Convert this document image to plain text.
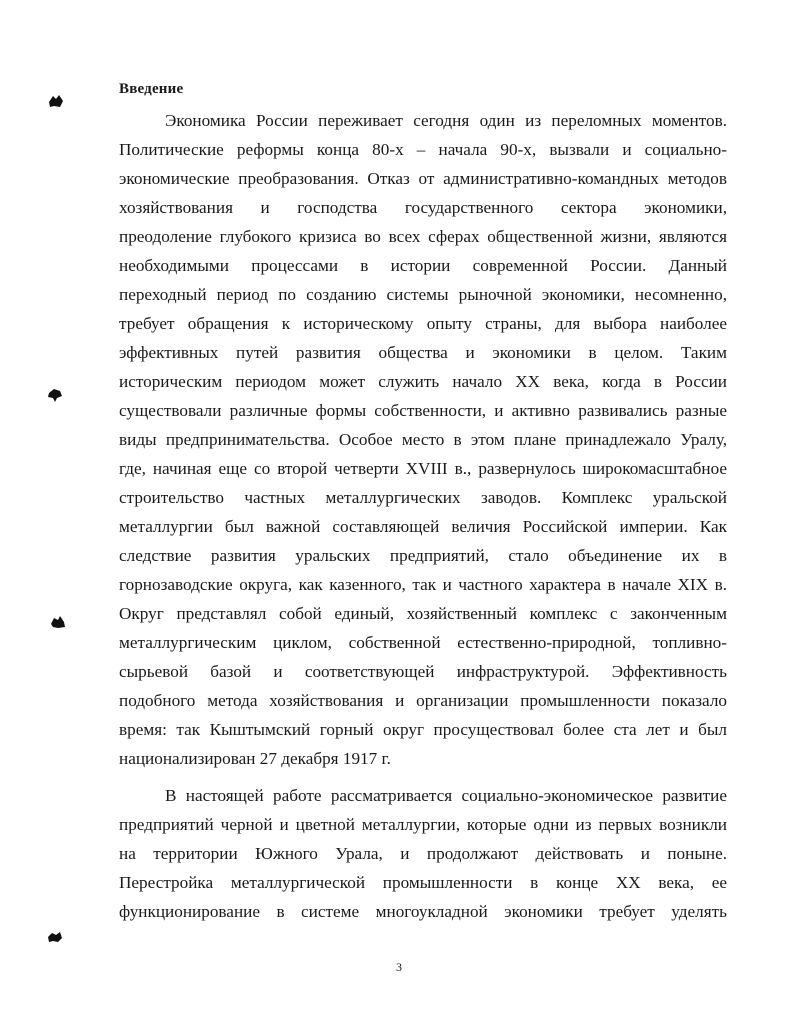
Введение
Экономика России переживает сегодня один из переломных моментов.
Политические реформы конца 80-х – начала 90-х, вызвали и социально-
экономические преобразования. Отказ от административно-командных методов
хозяйствования и господства государственного сектора экономики,
преодоление глубокого кризиса во всех сферах общественной жизни, являются
необходимыми процессами в истории современной России. Данный
переходный период по созданию системы рыночной экономики, несомненно,
требует обращения к историческому опыту страны, для выбора наиболее
эффективных путей развития общества и экономики в целом. Таким
историческим периодом может служить начало XX века, когда в России
существовали различные формы собственности, и активно развивались разные
виды предпринимательства. Особое место в этом плане принадлежало Уралу,
где, начиная еще со второй четверти XVIII в., развернулось широкомасштабное
строительство частных металлургических заводов. Комплекс уральской
металлургии был важной составляющей величия Российской империи. Как
следствие развития уральских предприятий, стало объединение их в
горнозаводские округа, как казенного, так и частного характера в начале XIX в.
Округ представлял собой единый, хозяйственный комплекс с законченным
металлургическим циклом, собственной естественно-природной, топливно-
сырьевой базой и соответствующей инфраструктурой. Эффективность
подобного метода хозяйствования и организации промышленности показало
время: так Кыштымский горный округ просуществовал более ста лет и был
национализирован 27 декабря 1917 г.
В настоящей работе рассматривается социально-экономическое развитие
предприятий черной и цветной металлургии, которые одни из первых возникли
на территории Южного Урала, и продолжают действовать и поныне.
Перестройка металлургической промышленности в конце XX века, ее
функционирование в системе многоукладной экономики требует уделять
3
